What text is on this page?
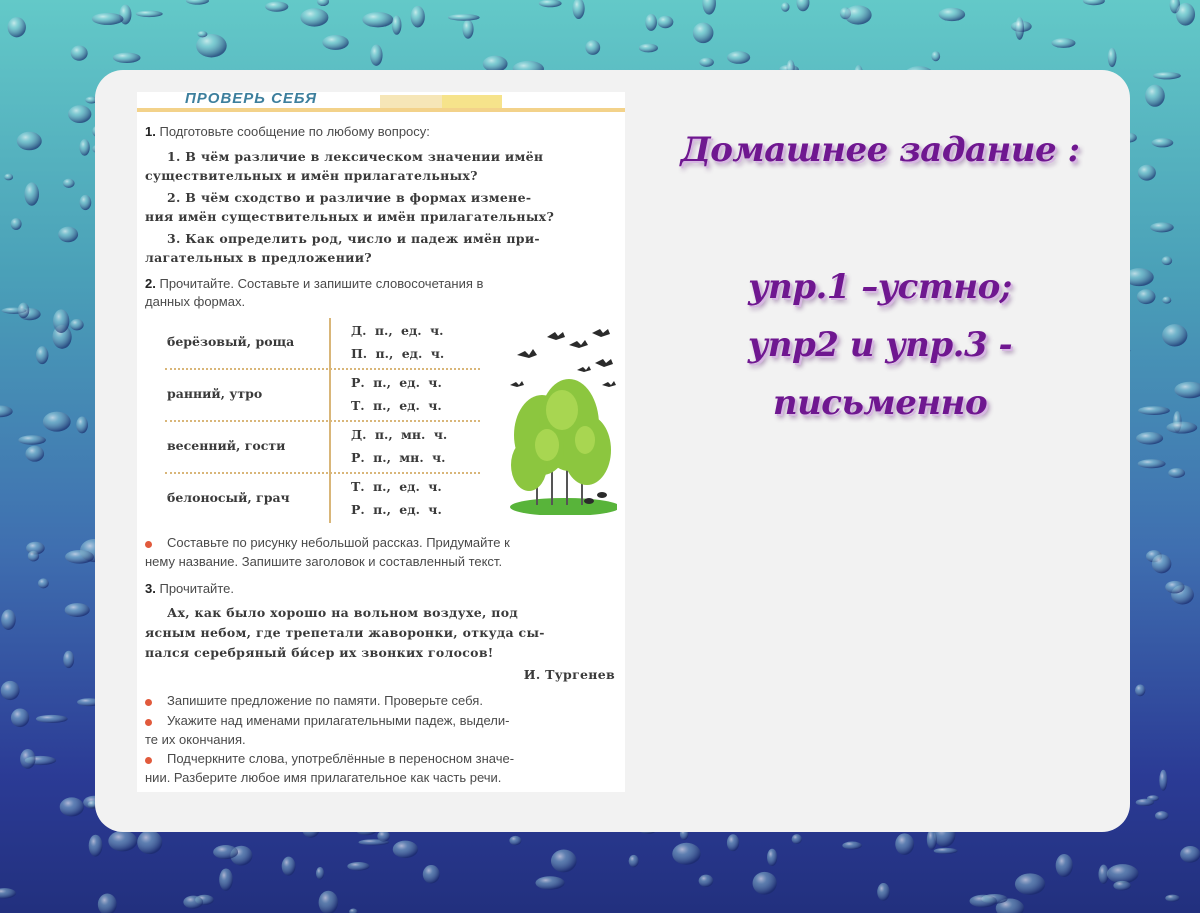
ПРОВЕРЬ СЕБЯ
1. Подготовьте сообщение по любому вопросу:
1. В чём различие в лексическом значении имён
существительных и имён прилагательных?
2. В чём сходство и различие в формах измене-
ния имён существительных и имён прилагательных?
3. Как определить род, число и падеж имён при-
лагательных в предложении?
2. Прочитайте. Составьте и запишите словосочетания в
данных формах.
берёзовый, роща
Д. п., ед. ч.
П. п., ед. ч.
ранний, утро
Р. п., ед. ч.
Т. п., ед. ч.
весенний, гости
Д. п., мн. ч.
Р. п., мн. ч.
белоносый, грач
Т. п., ед. ч.
Р. п., ед. ч.
Составьте по рисунку небольшой рассказ. Придумайте к
нему название. Запишите заголовок и составленный текст.
3. Прочитайте.
Ах, как было хорошо на вольном воздухе, под
ясным небом, где трепетали жаворонки, откуда сы-
пался серебряный би́сер их звонких голосов!
И. Тургенев
Запишите предложение по памяти. Проверьте себя.
Укажите над именами прилагательными падеж, выдели-
те их окончания.
Подчеркните слова, употреблённые в переносном значе-
нии. Разберите любое имя прилагательное как часть речи.

Домашнее задание :

упр.1 –устно;
упр2 и упр.3 -
письменно
